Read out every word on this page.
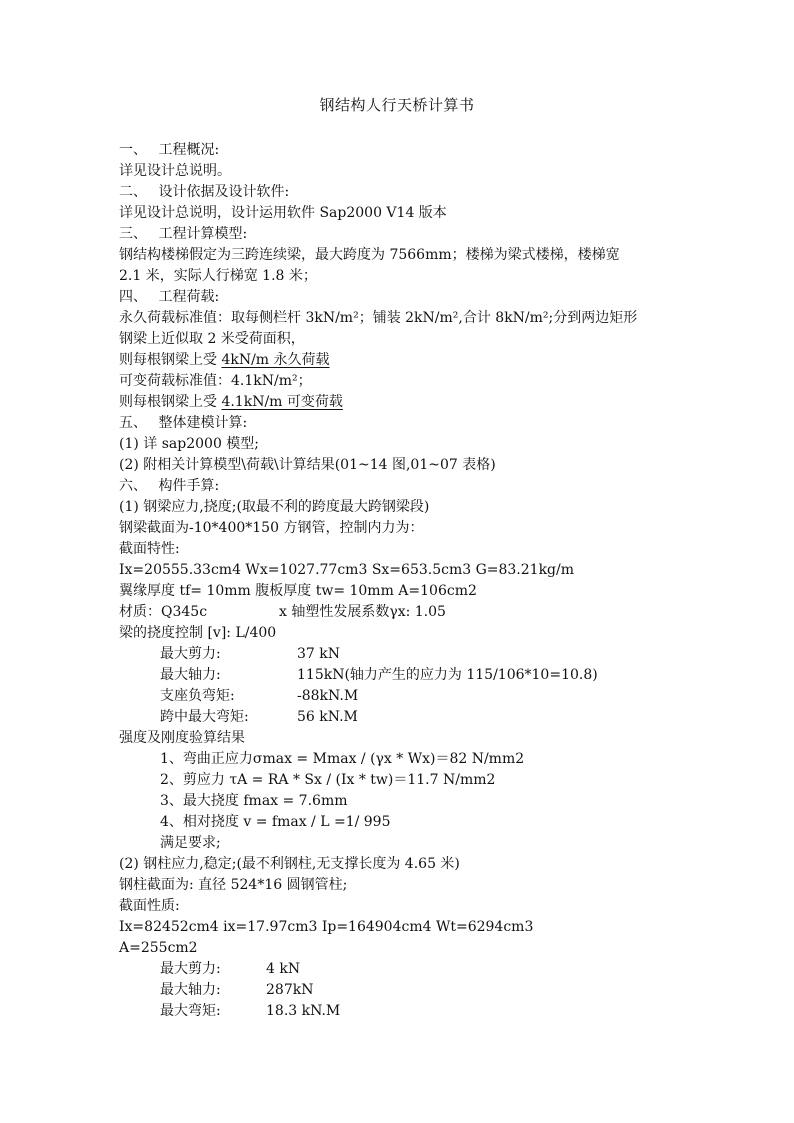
钢结构人行天桥计算书
一、　 工程概况:
详见设计总说明。
二、　 设计依据及设计软件:
详见设计总说明，设计运用软件 Sap2000 V14 版本
三、　 工程计算模型:
钢结构楼梯假定为三跨连续梁，最大跨度为 7566mm；楼梯为梁式楼梯，楼梯宽
2.1 米，实际人行梯宽 1.8 米；
四、　 工程荷载:
永久荷载标准值：取每侧栏杆 3kN/m²；铺装 2kN/m²,合计 8kN/m²;分到两边矩形
钢梁上近似取 2 米受荷面积，
则每根钢梁上受 4kN/m 永久荷载
可变荷载标准值：4.1kN/m²；
则每根钢梁上受 4.1kN/m 可变荷载
五、　 整体建模计算:
(1) 详 sap2000 模型;
(2) 附相关计算模型\荷载\计算结果(01~14 图,01~07 表格)
六、　 构件手算:
(1) 钢梁应力,挠度;(取最不利的跨度最大跨钢梁段)
钢梁截面为-10*400*150 方钢管，控制内力为：
截面特性:
Ix=20555.33cm4 Wx=1027.77cm3 Sx=653.5cm3 G=83.21kg/m
翼缘厚度 tf= 10mm 腹板厚度 tw= 10mm A=106cm2
材质：Q345c	x 轴塑性发展系数γx: 1.05
梁的挠度控制 [v]: L/400
最大剪力:	37 kN
最大轴力:	115kN(轴力产生的应力为 115/106*10=10.8)
支座负弯矩:	-88kN.M
跨中最大弯矩:	56 kN.M
强度及刚度验算结果
1、弯曲正应力σmax = Mmax / (γx * Wx)＝82 N/mm2
2、剪应力 τA = RA * Sx / (Ix * tw)＝11.7 N/mm2
3、最大挠度 fmax = 7.6mm
4、相对挠度 v = fmax / L =1/ 995
满足要求;
(2) 钢柱应力,稳定;(最不利钢柱,无支撑长度为 4.65 米)
钢柱截面为: 直径 524*16 圆钢管柱;
截面性质:
Ix=82452cm4 ix=17.97cm3 Ip=164904cm4 Wt=6294cm3
A=255cm2
最大剪力:	4 kN
最大轴力:	287kN
最大弯矩:	18.3 kN.M
